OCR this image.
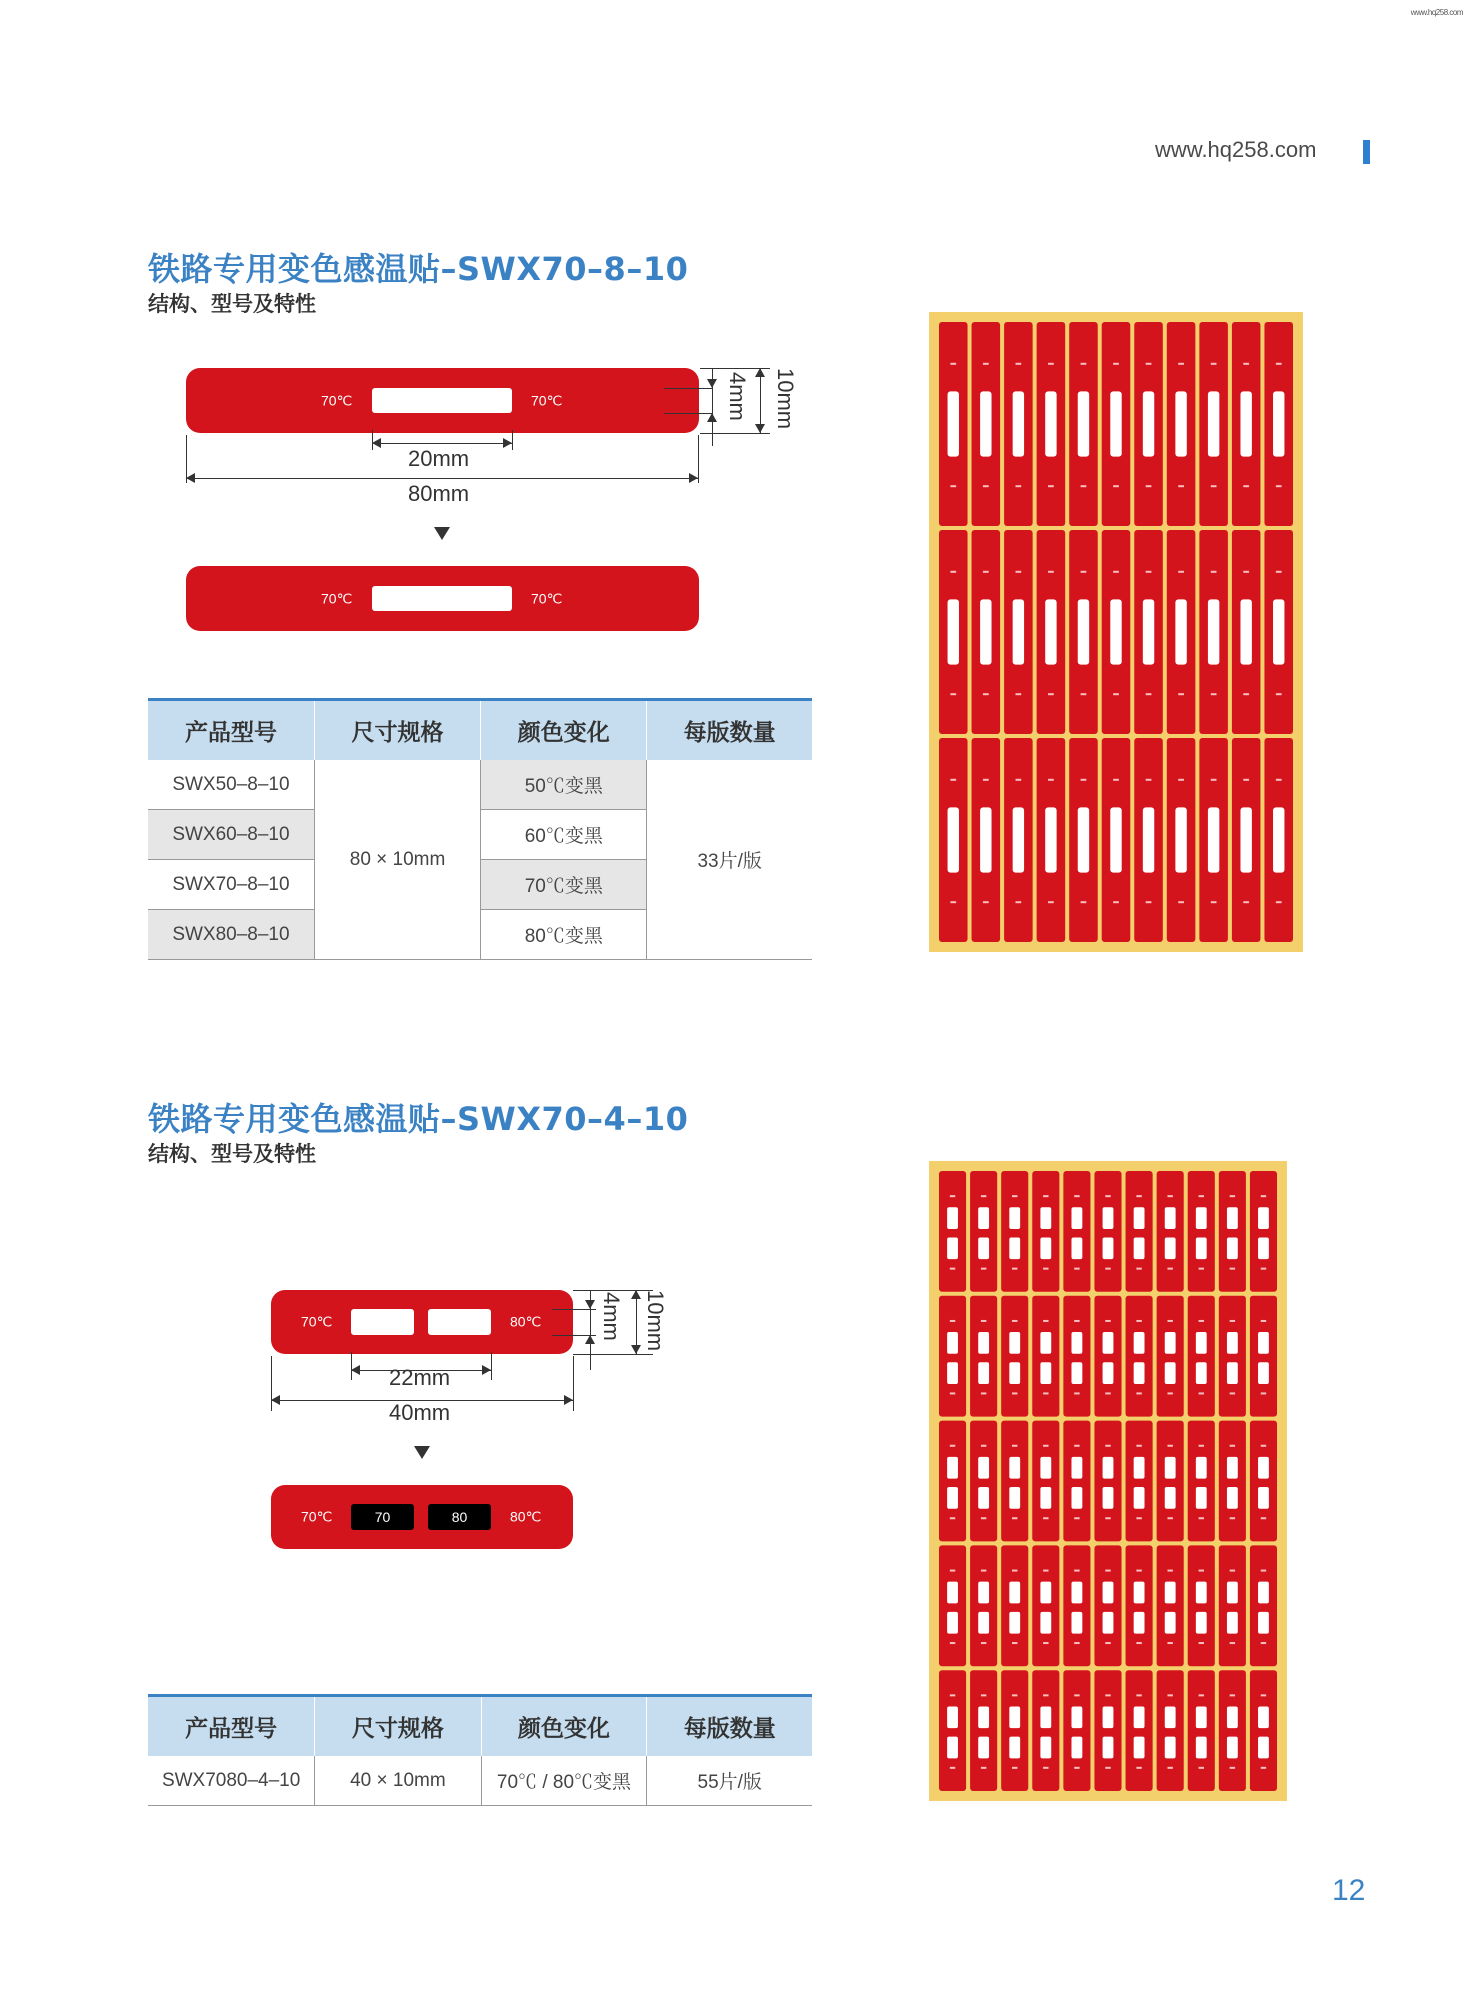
www.hq258.com
www.hq258.com
铁路专用变色感温贴–SWX70–8–10
结构、型号及特性
70℃	70℃
20mm
80mm
4mm 10mm
70℃	70℃
产品型号	尺寸规格	颜色变化	每版数量
SWX50–8–10	80 × 10mm	50℃变黑	33片/版
SWX60–8–10		60℃变黑	
SWX70–8–10		70℃变黑	
SWX80–8–10		80℃变黑	
铁路专用变色感温贴–SWX70–4–10
结构、型号及特性
70℃	80℃
22mm
40mm
4mm 10mm
70℃	70	80	80℃
产品型号	尺寸规格	颜色变化	每版数量
SWX7080–4–10	40 × 10mm	70℃ / 80℃变黑	55片/版
12
